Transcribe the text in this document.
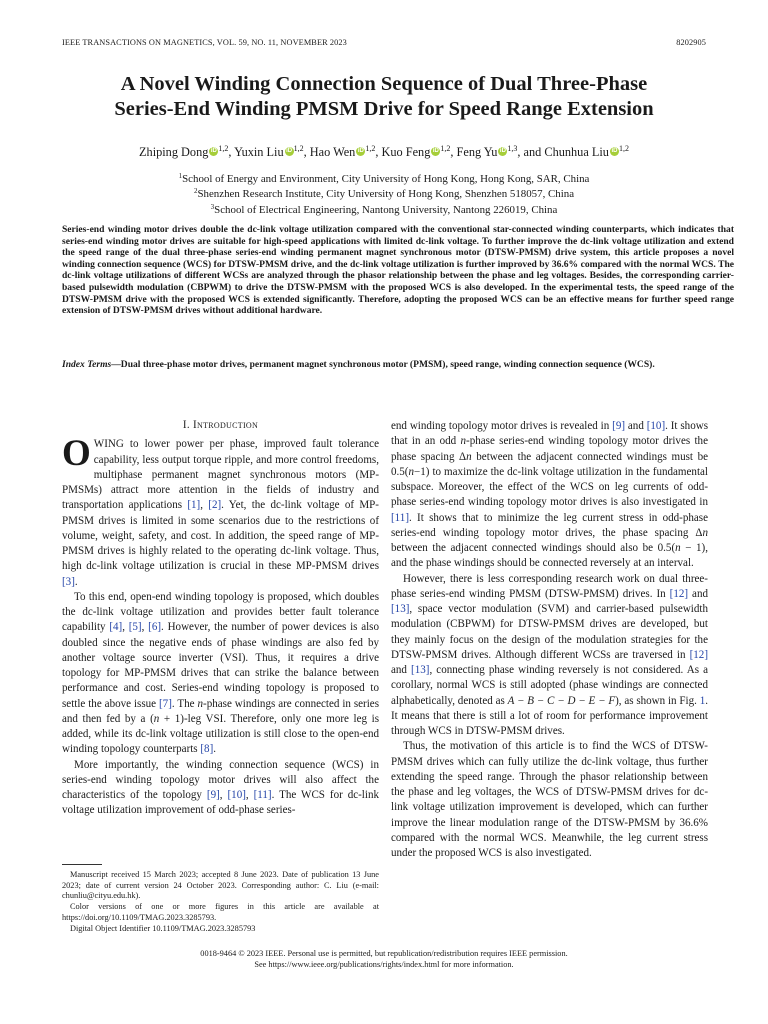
IEEE TRANSACTIONS ON MAGNETICS, VOL. 59, NO. 11, NOVEMBER 2023	8202905
A Novel Winding Connection Sequence of Dual Three-Phase
Series-End Winding PMSM Drive for Speed Range Extension
Zhiping Dong iD $^{1,2}$, Yuxin Liu iD $^{1,2}$, Hao Wen iD $^{1,2}$, Kuo Feng iD $^{1,2}$, Feng Yu iD $^{1,3}$, and Chunhua Liu iD $^{1,2}$
$^1$School of Energy and Environment, City University of Hong Kong, Hong Kong, SAR, China
$^2$Shenzhen Research Institute, City University of Hong Kong, Shenzhen 518057, China
$^3$School of Electrical Engineering, Nantong University, Nantong 226019, China
Series-end winding motor drives double the dc-link voltage utilization compared with the conventional star-connected winding counterparts, which indicates that series-end winding motor drives are suitable for high-speed applications with limited dc-link voltage. To further improve the dc-link voltage utilization and extend the speed range of the dual three-phase series-end winding permanent magnet synchronous motor (DTSW-PMSM) drive system, this article proposes a novel winding connection sequence (WCS) for DTSW-PMSM drive, and the dc-link voltage utilization is further improved by 36.6% compared with the normal WCS. The dc-link voltage utilizations of different WCSs are analyzed through the phasor relationship between the phase and leg voltages. Besides, the corresponding carrier-based pulsewidth modulation (CBPWM) to drive the DTSW-PMSM with the proposed WCS is also developed. In the experimental tests, the speed range of the DTSW-PMSM drive with the proposed WCS is extended significantly. Therefore, adopting the proposed WCS can be an effective means for further speed range extension of DTSW-PMSM drives without additional hardware.
Index Terms—Dual three-phase motor drives, permanent magnet synchronous motor (PMSM), speed range, winding connection sequence (WCS).
I. Introduction

OWING to lower power per phase, improved fault tolerance capability, less output torque ripple, and more control freedoms, multiphase permanent magnet synchronous motors (MP-PMSMs) attract more attention in the fields of industry and transportation applications [1], [2]. Yet, the dc-link voltage of MP-PMSM drives is limited in some scenarios due to the restrictions of volume, weight, safety, and cost. In addition, the speed range of MP-PMSM drives is highly related to the operating dc-link voltage. Thus, high dc-link voltage utilization is crucial in these MP-PMSM drives [3].

To this end, open-end winding topology is proposed, which doubles the dc-link voltage utilization and provides better fault tolerance capability [4], [5], [6]. However, the number of power devices is also doubled since the negative ends of phase windings are also fed by another voltage source inverter (VSI). Thus, it requires a drive topology for MP-PMSM drives that can strike the balance between performance and cost. Series-end winding topology is proposed to settle the above issue [7]. The n-phase windings are connected in series and then fed by a (n + 1)-leg VSI. Therefore, only one more leg is added, while its dc-link voltage utilization is still close to the open-end winding topology counterparts [8].

More importantly, the winding connection sequence (WCS) in series-end winding topology motor drives will also affect the characteristics of the topology [9], [10], [11]. The WCS for dc-link voltage utilization improvement of odd-phase series-

Manuscript received 15 March 2023; accepted 8 June 2023. Date of publication 13 June 2023; date of current version 24 October 2023. Corresponding author: C. Liu (e-mail: chunliu@cityu.edu.hk).

Color versions of one or more figures in this article are available at https://doi.org/10.1109/TMAG.2023.3285793.

Digital Object Identifier 10.1109/TMAG.2023.3285793

end winding topology motor drives is revealed in [9] and [10]. It shows that in an odd n-phase series-end winding topology motor drives the phase spacing Δn between the adjacent connected windings must be 0.5(n−1) to maximize the dc-link voltage utilization in the fundamental subspace. Moreover, the effect of the WCS on leg currents of odd-phase series-end winding topology motor drives is also investigated in [11]. It shows that to minimize the leg current stress in odd-phase series-end winding topology motor drives, the phase spacing Δn between the adjacent connected windings should also be 0.5(n − 1), and the phase windings should be connected reversely at an interval.

However, there is less corresponding research work on dual three-phase series-end winding PMSM (DTSW-PMSM) drives. In [12] and [13], space vector modulation (SVM) and carrier-based pulsewidth modulation (CBPWM) for DTSW-PMSM drives are developed, but they mainly focus on the design of the modulation strategies for the DTSW-PMSM drives. Although different WCSs are traversed in [12] and [13], connecting phase winding reversely is not considered. As a corollary, normal WCS is still adopted (phase windings are connected alphabetically, denoted as A − B − C − D − E − F), as shown in Fig. 1. It means that there is still a lot of room for performance improvement through WCS in DTSW-PMSM drives.

Thus, the motivation of this article is to find the WCS of DTSW-PMSM drives which can fully utilize the dc-link voltage, thus further extending the speed range. Through the phasor relationship between the phase and leg voltages, the WCS of DTSW-PMSM drives for dc-link voltage utilization improvement is developed, which can further improve the linear modulation range of the DTSW-PMSM by 36.6% compared with the normal WCS. Meanwhile, the leg current stress under the proposed WCS is also investigated.

0018-9464 © 2023 IEEE. Personal use is permitted, but republication/redistribution requires IEEE permission.
See https://www.ieee.org/publications/rights/index.html for more information.
